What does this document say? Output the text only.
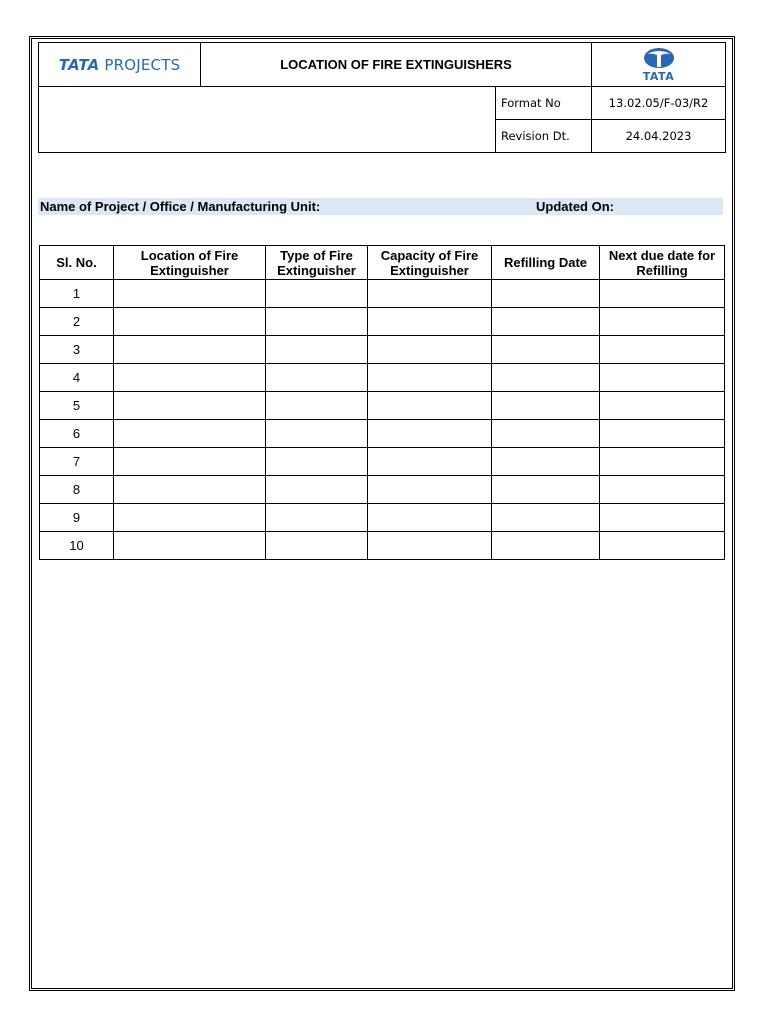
TATA PROJECTS	LOCATION OF FIRE EXTINGUISHERS
TATA
Format No	13.02.05/F-03/R2
Revision Dt.	24.04.2023
Name of Project / Office / Manufacturing Unit:	Updated On:
Sl. No.	Location of Fire Extinguisher	Type of Fire Extinguisher	Capacity of Fire Extinguisher	Refilling Date	Next due date for Refilling
1					
2					
3					
4					
5					
6					
7					
8					
9					
10					
